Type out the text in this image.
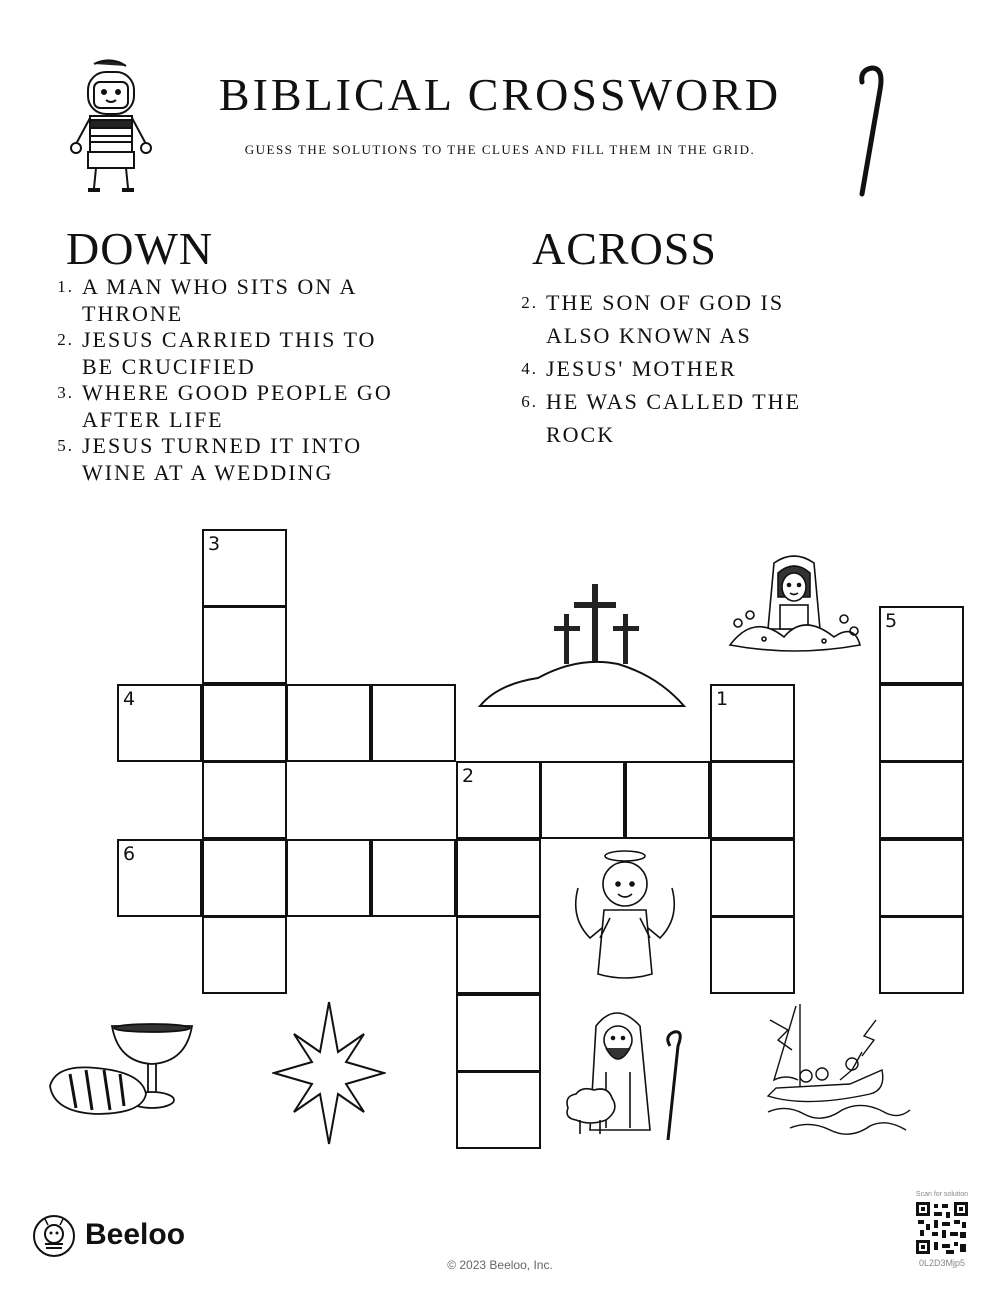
BIBLICAL CROSSWORD
GUESS THE SOLUTIONS TO THE CLUES AND FILL THEM IN THE GRID.
DOWN
1. A MAN WHO SITS ON A THRONE
2. JESUS CARRIED THIS TO BE CRUCIFIED
3. WHERE GOOD PEOPLE GO AFTER LIFE
5. JESUS TURNED IT INTO WINE AT A WEDDING
ACROSS
2. THE SON OF GOD IS ALSO KNOWN AS
4. JESUS' MOTHER
6. HE WAS CALLED THE ROCK
3
5
4	1
2
6
Beeloo
© 2023 Beeloo, Inc.
Scan for solution
0L2D3Mjp5
